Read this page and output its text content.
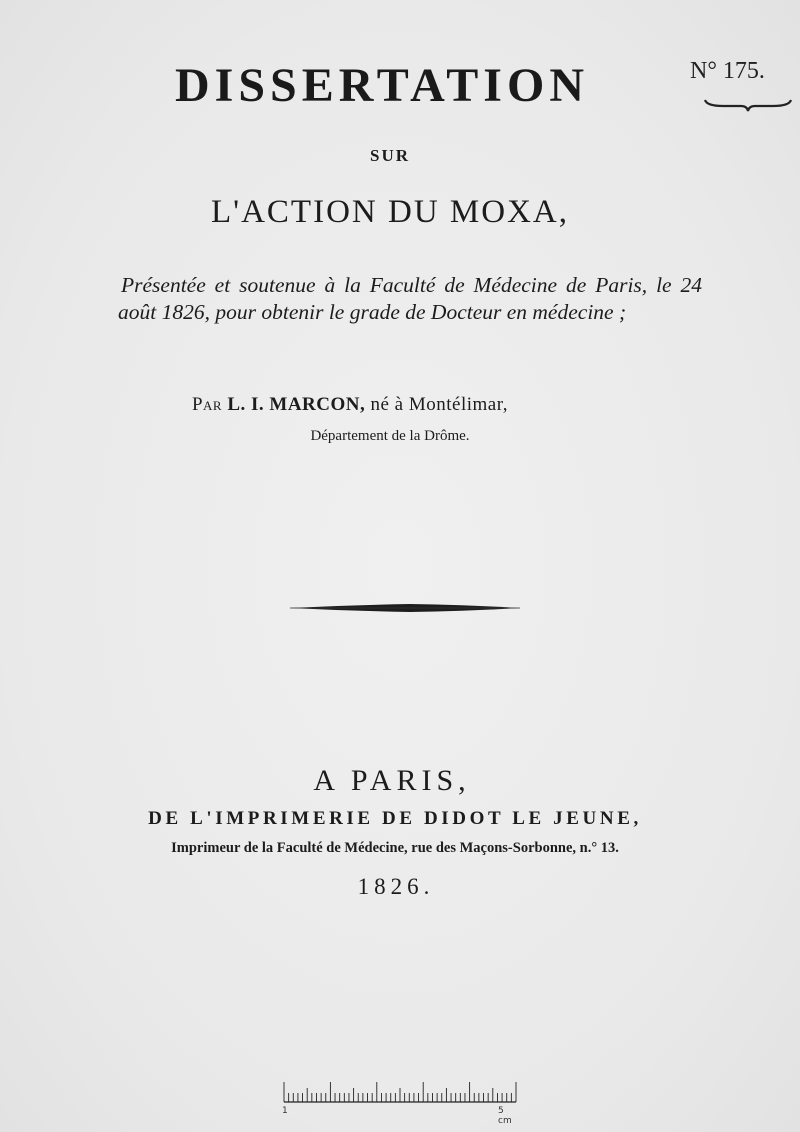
DISSERTATION	N° 175.
SUR
L'ACTION DU MOXA,
Présentée et soutenue à la Faculté de Médecine de Paris, le 24 août 1826, pour obtenir le grade de Docteur en médecine ;
Par L. I. MARCON, né à Montélimar,
Département de la Drôme.
A PARIS,
DE L'IMPRIMERIE DE DIDOT LE JEUNE,
Imprimeur de la Faculté de Médecine, rue des Maçons-Sorbonne, n.° 13.
1826.
1	5 cm
